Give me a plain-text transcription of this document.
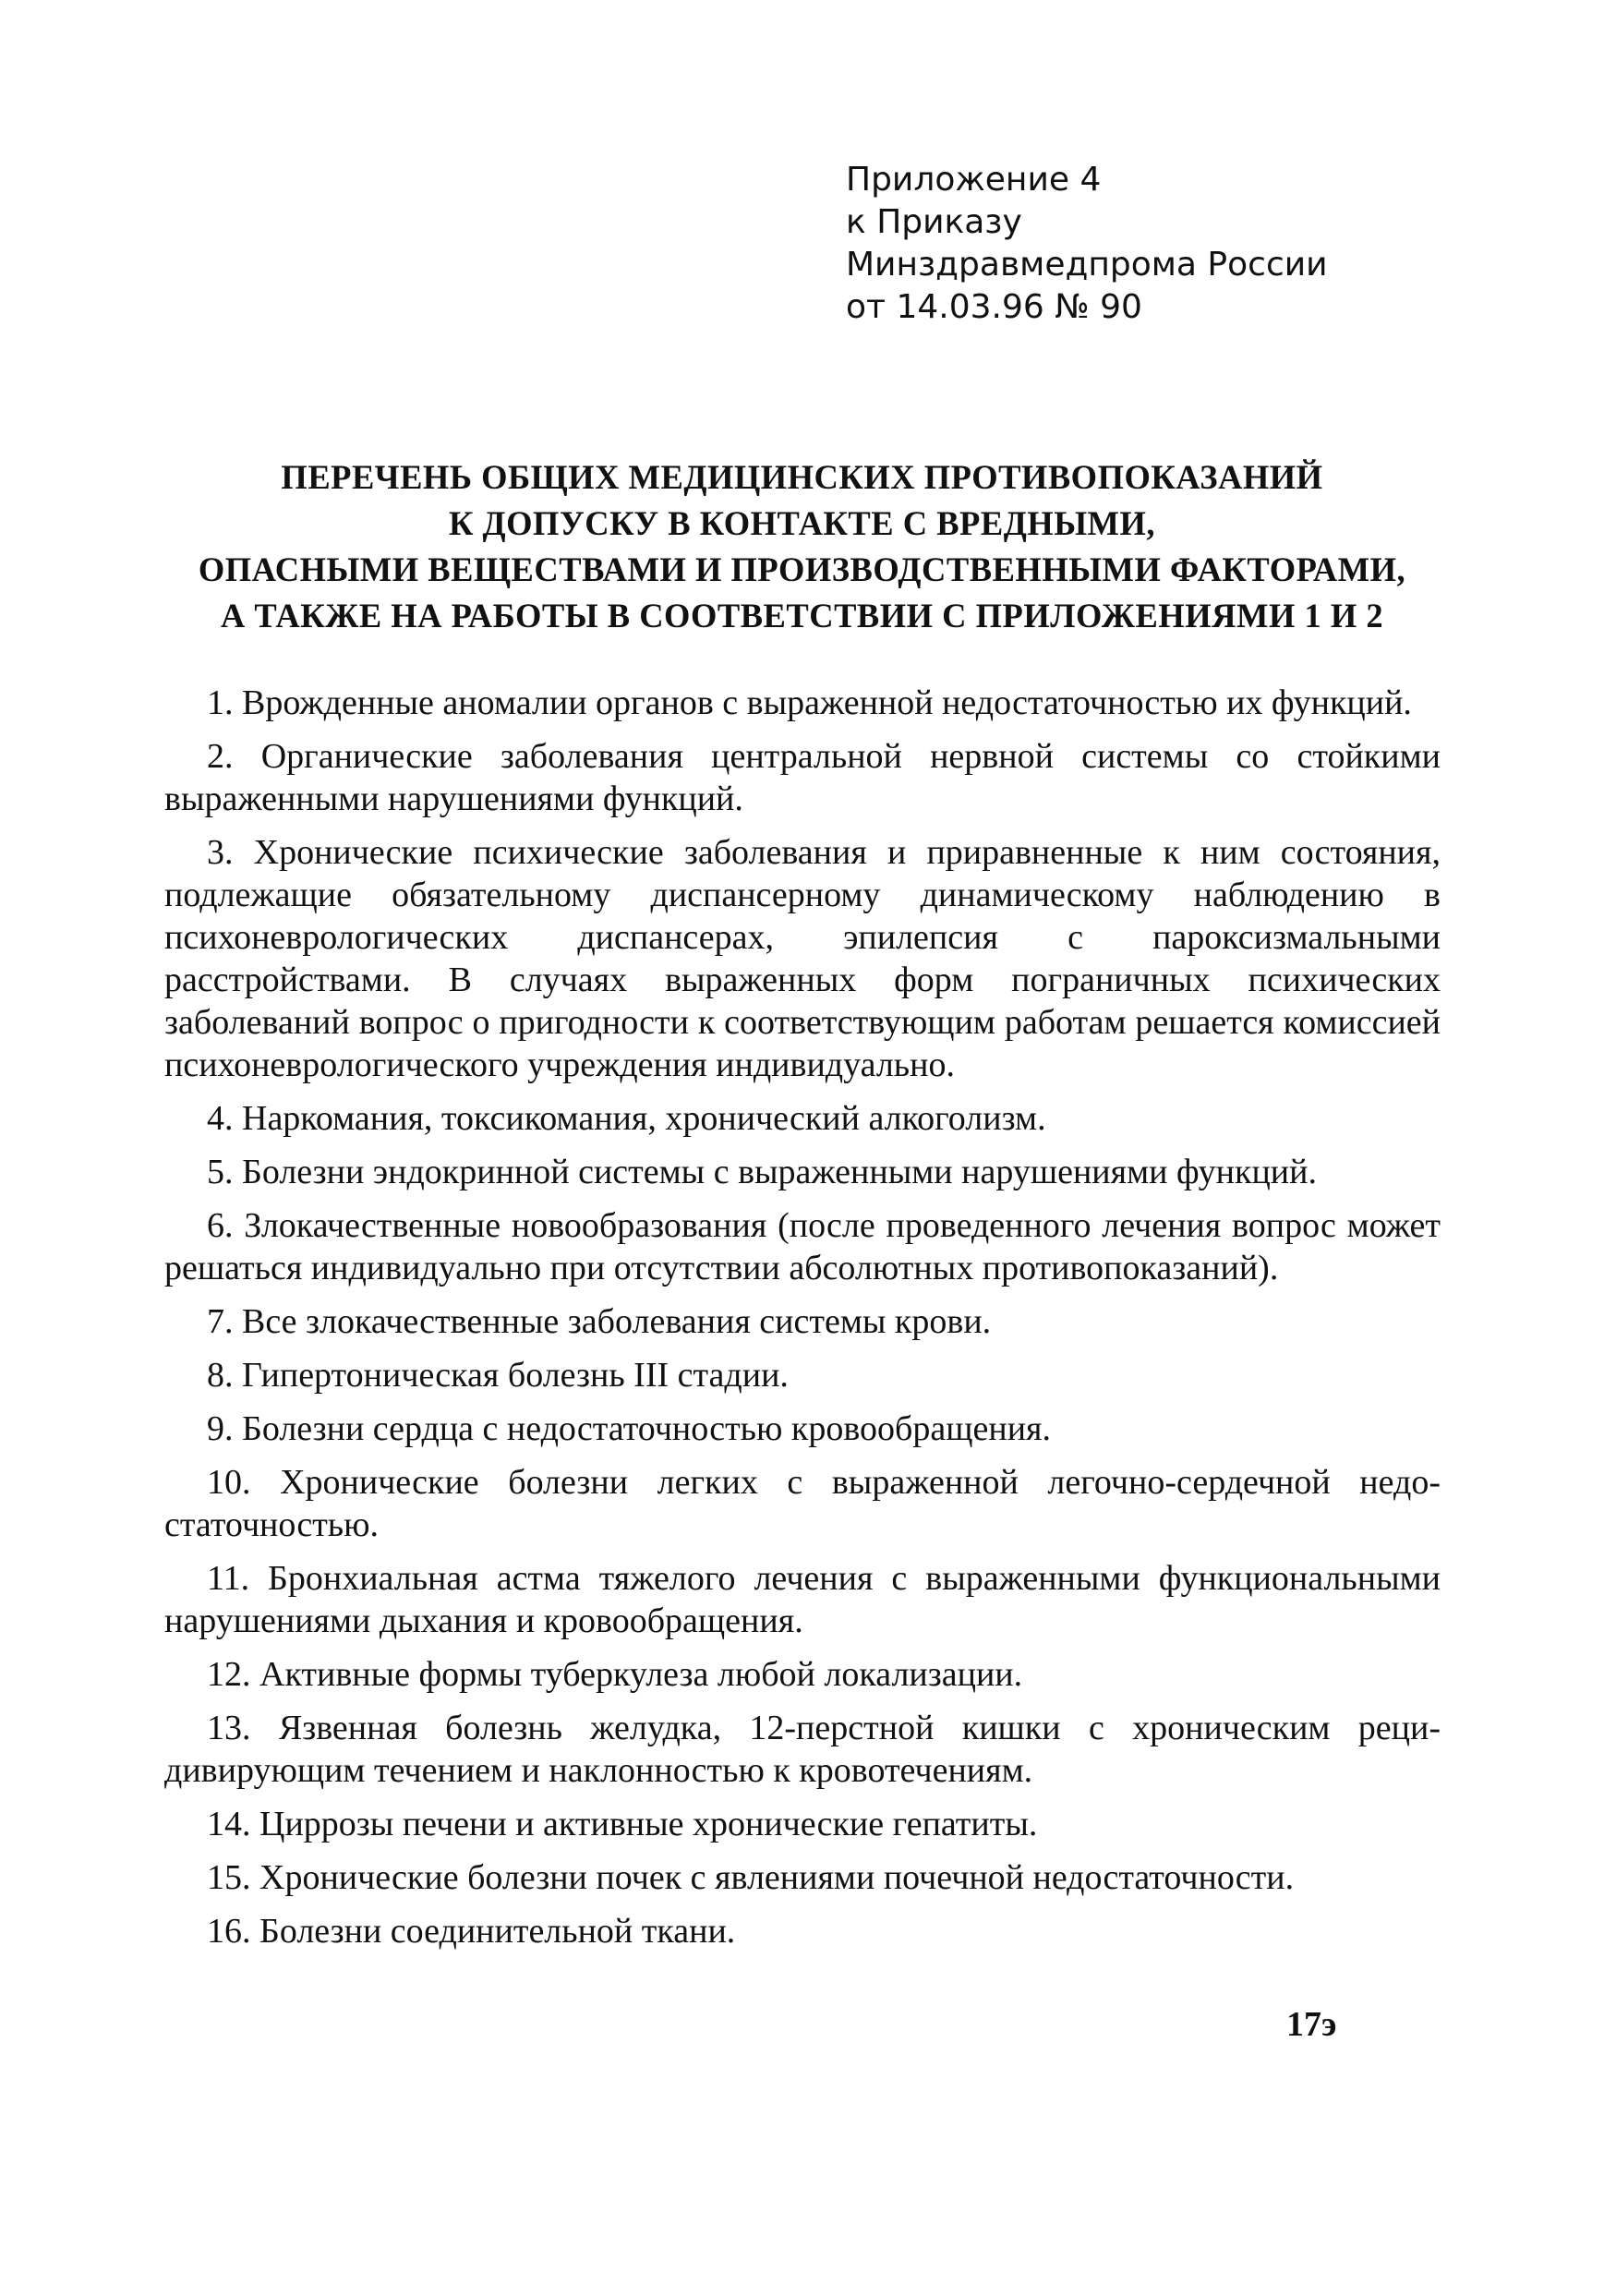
Приложение 4
к Приказу
Минздравмедпрома России
от 14.03.96 № 90
ПЕРЕЧЕНЬ ОБЩИХ МЕДИЦИНСКИХ ПРОТИВОПОКАЗАНИЙ
К ДОПУСКУ В КОНТАКТЕ С ВРЕДНЫМИ,
ОПАСНЫМИ ВЕЩЕСТВАМИ И ПРОИЗВОДСТВЕННЫМИ ФАКТОРАМИ,
А ТАКЖЕ НА РАБОТЫ В СООТВЕТСТВИИ С ПРИЛОЖЕНИЯМИ 1 И 2

1. Врожденные аномалии органов с выраженной недостаточностью их функций.

2. Органические заболевания центральной нервной системы со стойкими выраженными нарушениями функций.

3. Хронические психические заболевания и приравненные к ним состояния, подлежащие обязательному диспансерному динамическому наблюдению в психоневрологических диспансерах, эпилепсия с пароксизмальными расстройствами. В случаях выраженных форм пограничных психических заболеваний вопрос о пригодности к соответствующим работам решается комиссией психоневрологического учреждения индивидуально.

4. Наркомания, токсикомания, хронический алкоголизм.

5. Болезни эндокринной системы с выраженными нарушениями функций.

6. Злокачественные новообразования (после проведенного лечения вопрос может решаться индивидуально при отсутствии абсолютных противопоказаний).

7. Все злокачественные заболевания системы крови.

8. Гипертоническая болезнь III стадии.

9. Болезни сердца с недостаточностью кровообращения.

10. Хронические болезни легких с выраженной легочно-сердечной недостаточностью.

11. Бронхиальная астма тяжелого лечения с выраженными функциональными нарушениями дыхания и кровообращения.

12. Активные формы туберкулеза любой локализации.

13. Язвенная болезнь желудка, 12-перстной кишки с хроническим рецидивирующим течением и наклонностью к кровотечениям.

14. Циррозы печени и активные хронические гепатиты.

15. Хронические болезни почек с явлениями почечной недостаточности.

16. Болезни соединительной ткани.

17э
